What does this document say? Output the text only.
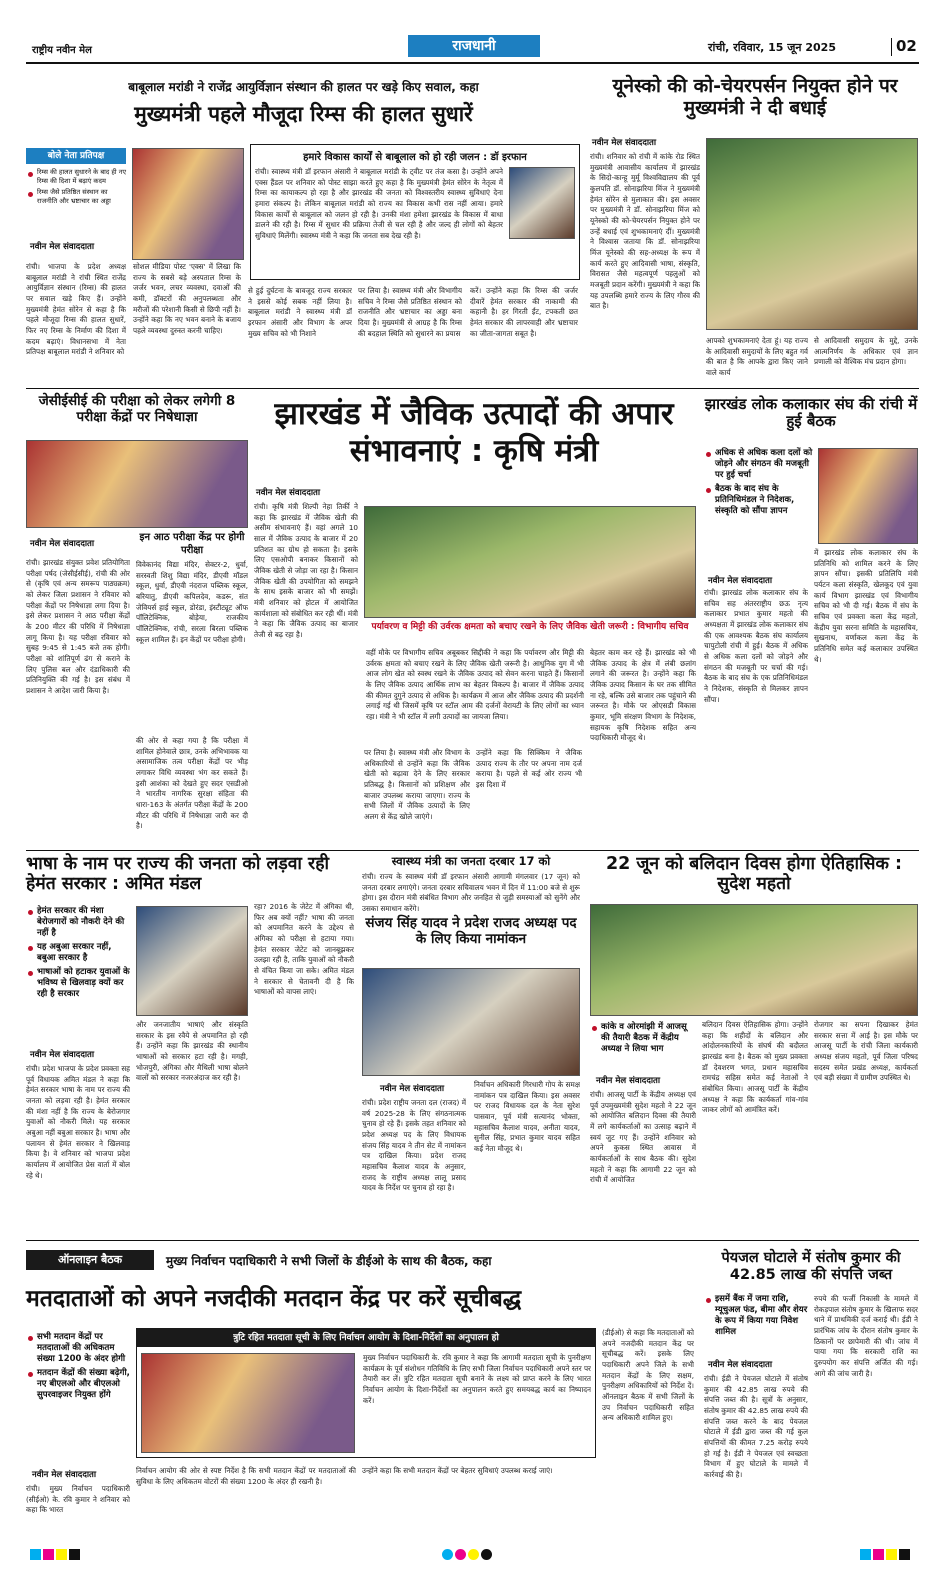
राष्ट्रीय नवीन मेल	राजधानी	रांची, रविवार, 15 जून 2025	02
बाबूलाल मरांडी ने राजेंद्र आयुर्विज्ञान संस्थान की हालत पर खड़े किए सवाल, कहा
मुख्यमंत्री पहले मौजूदा रिम्स की हालत सुधारें
बोले नेता प्रतिपक्ष
रिम्स की हालत सुधारने के बाद ही नए रिम्स की दिशा में बढ़ाएं कदम
रिम्स जैसे प्रतिष्ठित संस्थान का राजनीति और भ्रष्टाचार का अड्डा
नवीन मेल संवाददाता
रांची। भाजपा के प्रदेश अध्यक्ष बाबूलाल मरांडी ने रांची स्थित राजेंद्र आयुर्विज्ञान संस्थान (रिम्स) की हालत पर सवाल खड़े किए हैं। उन्होंने मुख्यमंत्री हेमंत सोरेन से कहा है कि पहले मौजूदा रिम्स की हालत सुधारें, फिर नए रिम्स के निर्माण की दिशा में कदम बढ़ाएं। विधानसभा में नेता प्रतिपक्ष बाबूलाल मरांडी ने शनिवार को
सोशल मीडिया पोस्ट 'एक्स' में लिखा कि राज्य के सबसे बड़े अस्पताल रिम्स के जर्जर भवन, लचर व्यवस्था, दवाओं की कमी, डॉक्टरों की अनुपलब्धता और मरीजों की परेशानी किसी से छिपी नहीं है। उन्होंने कहा कि नए भवन बनाने के बजाय पहले व्यवस्था दुरुस्त करनी चाहिए।
से हुई दुर्घटना के बावजूद राज्य सरकार ने इससे कोई सबक नहीं लिया है। बाबूलाल मरांडी ने स्वास्थ्य मंत्री डॉ इरफान अंसारी और विभाग के अपर मुख्य सचिव को भी निशाने
पर लिया है। स्वास्थ्य मंत्री और विभागीय सचिव ने रिम्स जैसे प्रतिष्ठित संस्थान को राजनीति और भ्रष्टाचार का अड्डा बना दिया है। मुख्यमंत्री से आग्रह है कि रिम्स की बदहाल स्थिति को सुधारने का प्रयास
करें। उन्होंने कहा कि रिम्स की जर्जर दीवारें हेमंत सरकार की नाकामी की कहानी है। हर गिरती ईंट, टपकती छत हेमंत सरकार की लापरवाही और भ्रष्टाचार का जीता-जागता सबूत है।
हमारे विकास कार्यों से बाबूलाल को हो रही जलन : डॉ इरफान
रांची। स्वास्थ्य मंत्री डॉ इरफान अंसारी ने बाबूलाल मरांडी के ट्वीट पर तंज कसा है। उन्होंने अपने एक्स हैंडल पर शनिवार को पोस्ट साझा करते हुए कहा है कि मुख्यमंत्री हेमंत सोरेन के नेतृत्व में रिम्स का कायाकल्प हो रहा है और झारखंड की जनता को विश्वस्तरीय स्वास्थ्य सुविधाएं देना हमारा संकल्प है। लेकिन बाबूलाल मरांडी को राज्य का विकास कभी रास नहीं आया। हमारे विकास कार्यों से बाबूलाल को जलन हो रही है। उनकी मंशा हमेशा झारखंड के विकास में बाधा डालने की रही है। रिम्स में सुधार की प्रक्रिया तेजी से चल रही है और जल्द ही लोगों को बेहतर सुविधाएं मिलेंगी। स्वास्थ्य मंत्री ने कहा कि जनता सब देख रही है।
यूनेस्को की को-चेयरपर्सन नियुक्त होने पर मुख्यमंत्री ने दी बधाई
नवीन मेल संवाददाता
रांची। शनिवार को रांची में कांके रोड स्थित मुख्यमंत्री आवासीय कार्यालय में झारखंड के सिदो-कान्हू मुर्मू विश्वविद्यालय की पूर्व कुलपति डॉ. सोनाझरिया मिंज ने मुख्यमंत्री हेमंत सोरेन से मुलाकात की। इस अवसर पर मुख्यमंत्री ने डॉ. सोनाझरिया मिंज को यूनेस्को की को-चेयरपर्सन नियुक्त होने पर उन्हें बधाई एवं शुभकामनाएं दीं। मुख्यमंत्री ने विश्वास जताया कि डॉ. सोनाझरिया मिंज यूनेस्को की सह-अध्यक्ष के रूप में कार्य करते हुए आदिवासी भाषा, संस्कृति, विरासत जैसे महत्वपूर्ण पहलुओं को मजबूती प्रदान करेंगी। मुख्यमंत्री ने कहा कि यह उपलब्धि हमारे राज्य के लिए गौरव की बात है।
आपको शुभकामनाएं देता हूं। यह राज्य के आदिवासी समुदायों के लिए बहुत गर्व की बात है कि आपके द्वारा किए जाने वाले कार्य
से आदिवासी समुदाय के मुद्दे, उनके आत्मनिर्णय के अधिकार एवं ज्ञान प्रणाली को वैश्विक मंच प्रदान होगा।
जेसीईसीई की परीक्षा को लेकर लगेगी 8 परीक्षा केंद्रों पर निषेधाज्ञा
नवीन मेल संवाददाता
इन आठ परीक्षा केंद्र पर होगी परीक्षा
रांची। झारखंड संयुक्त प्रवेश प्रतियोगिता परीक्षा पर्षद (जेसीईसीई), रांची की ओर से (कृषि एवं अन्य समरूप पाठ्यक्रम) को लेकर जिला प्रशासन ने रविवार को परीक्षा केंद्रों पर निषेधाज्ञा लगा दिया है। इसे लेकर प्रशासन ने आठ परीक्षा केंद्रों के 200 मीटर की परिधि में निषेधाज्ञा लागू किया है। यह परीक्षा रविवार को सुबह 9:45 से 1:45 बजे तक होगी। परीक्षा को शांतिपूर्ण ढंग से कराने के लिए पुलिस बल और दंडाधिकारी की प्रतिनियुक्ति की गई है। इस संबंध में प्रशासन ने आदेश जारी किया है।
विवेकानंद विद्या मंदिर, सेक्टर-2, धुर्वा, सरस्वती शिशु विद्या मंदिर, डीएवी मॉडल स्कूल, धुर्वा, डीएवी नंदराज पब्लिक स्कूल, बरियातु, डीएवी कपिलदेव, कडरू, संत जेवियर्स हाई स्कूल, डोरंडा, इंस्टीट्यूट ऑफ पॉलिटेक्निक, बोड़ेया, राजकीय पॉलिटेक्निक, रांची, सरला बिरला पब्लिक स्कूल शामिल हैं। इन केंद्रों पर परीक्षा होगी।
की ओर से कहा गया है कि परीक्षा में शामिल होनेवाले छात्र, उनके अभिभावक या असामाजिक तत्व परीक्षा केंद्रों पर भीड़ लगाकर विधि व्यवस्था भंग कर सकते हैं। इसी आशंका को देखते हुए सदर एसडीओ ने भारतीय नागरिक सुरक्षा संहिता की धारा-163 के अंतर्गत परीक्षा केंद्रों के 200 मीटर की परिधि में निषेधाज्ञा जारी कर दी है।
झारखंड में जैविक उत्पादों की अपार संभावनाएं : कृषि मंत्री
नवीन मेल संवाददाता
रांची। कृषि मंत्री शिल्पी नेहा तिर्की ने कहा कि झारखंड में जैविक खेती की असीम संभावनाएं हैं। वहां अगले 10 साल में जैविक उत्पाद के बाजार में 20 प्रतिशत का ग्रोथ हो सकता है। इसके लिए एसओपी बनाकर किसानों को जैविक खेती से जोड़ा जा रहा है। किसान जैविक खेती की उपयोगिता को समझने के साथ इसके बाजार को भी समझें। मंत्री शनिवार को होटल में आयोजित कार्यशाला को संबोधित कर रही थीं। मंत्री ने कहा कि जैविक उत्पाद का बाजार तेजी से बढ़ रहा है।
पर्यावरण व मिट्टी की उर्वरक क्षमता को बचाए रखने के लिए जैविक खेती जरूरी : विभागीय सचिव
वहीं मौके पर विभागीय सचिव अबूबकर सिद्दीकी ने कहा कि पर्यावरण और मिट्टी की उर्वरक क्षमता को बचाए रखने के लिए जैविक खेती जरूरी है। आधुनिक युग में भी आज लोग खेत को स्वस्थ रखने के जैविक उत्पाद को सेवन करना चाहते हैं। किसानों के लिए जैविक उत्पाद आर्थिक लाभ का बेहतर विकल्प है। बाजार में जैविक उत्पाद की कीमत दुगुने उत्पाद से अधिक है। कार्यक्रम में आज और जैविक उत्पाद की प्रदर्शनी लगाई गई थी जिसमें कृषि पर स्टॉल आम की दर्जनों वेरायटी के लिए लोगों का ध्यान रहा। मंत्री ने भी स्टॉल में लगी उत्पादों का जायजा लिया।
पर लिया है। स्वास्थ्य मंत्री और विभाग के अधिकारियों से उन्होंने कहा कि जैविक खेती को बढ़ावा देने के लिए सरकार प्रतिबद्ध है। किसानों को प्रशिक्षण और बाजार उपलब्ध कराया जाएगा। राज्य के सभी जिलों में जैविक उत्पादों के लिए अलग से केंद्र खोले जाएंगे।
उन्होंने कहा कि सिक्किम ने जैविक उत्पाद राज्य के तौर पर अपना नाम दर्ज कराया है। पहले से कई ओर राज्य भी इस दिशा में
बेहतर काम कर रहे हैं। झारखंड को भी जैविक उत्पाद के क्षेत्र में लंबी छलांग लगाने की जरूरत है। उन्होंने कहा कि जैविक उत्पाद किसान के घर तक सीमित ना रहे, बल्कि उसे बाजार तक पहुंचाने की जरूरत है। मौके पर ओएसडी विकास कुमार, भूमि संरक्षण विभाग के निदेशक, सहायक कृषि निदेशक सहित अन्य पदाधिकारी मौजूद थे।
झारखंड लोक कलाकार संघ की रांची में हुई बैठक
अधिक से अधिक कला दलों को जोड़ने और संगठन की मजबूती पर हुई चर्चा
बैठक के बाद संघ के प्रतिनिधिमंडल ने निदेशक, संस्कृति को सौंपा ज्ञापन
नवीन मेल संवाददाता
रांची। झारखंड लोक कलाकार संघ के सचिव सह अंतरराष्ट्रीय छऊ नृत्य कलाकार प्रभात कुमार महतो की अध्यक्षता में झारखंड लोक कलाकार संघ की एक आवश्यक बैठक संघ कार्यालय चापुटोली रांची में हुई। बैठक में अधिक से अधिक कला दलों को जोड़ने और संगठन की मजबूती पर चर्चा की गई। बैठक के बाद संघ के एक प्रतिनिधिमंडल ने निदेशक, संस्कृति से मिलकर ज्ञापन सौंपा।
में झारखंड लोक कलाकार संघ के प्रतिनिधि को शामिल करने के लिए ज्ञापन सौंपा। इसकी प्रतिलिपि मंत्री पर्यटन कला संस्कृति, खेलकूद एवं युवा कार्य विभाग झारखंड एवं विभागीय सचिव को भी दी गई। बैठक में संघ के सचिव एवं प्रवक्ता कला केंद्र महतो, केंद्रीय युवा सरना समिति के महासचिव, सुखनाथ, वर्णाकल कला केंद्र के प्रतिनिधि समेत कई कलाकार उपस्थित थे।
भाषा के नाम पर राज्य की जनता को लड़वा रही हेमंत सरकार : अमित मंडल
हेमंत सरकार की मंशा बेरोजगारों को नौकरी देने की नहीं है
यह अबुआ सरकार नहीं, बबुआ सरकार है
भाषाओं को हटाकर युवाओं के भविष्य से खिलवाड़ क्यों कर रही है सरकार
नवीन मेल संवाददाता
रांची। प्रदेश भाजपा के प्रदेश प्रवक्ता सह पूर्व विधायक अमित मंडल ने कहा कि हेमंत सरकार भाषा के नाम पर राज्य की जनता को लड़वा रही है। हेमंत सरकार की मंशा नहीं है कि राज्य के बेरोजगार युवाओं को नौकरी मिले। यह सरकार अबुआ नहीं बबुआ सरकार है। भाषा और पलायन से हेमंत सरकार ने खिलवाड़ किया है। वे शनिवार को भाजपा प्रदेश कार्यालय में आयोजित प्रेस वार्ता में बोल रहे थे।
और जनजातीय भाषाएं और संस्कृति सरकार के इस रवैये से अपमानित हो रही हैं। उन्होंने कहा कि झारखंड की स्थानीय भाषाओं को सरकार हटा रही है। मगही, भोजपुरी, अंगिका और मैथिली भाषा बोलने वालों को सरकार नजरअंदाज कर रही है।
रहा? 2016 के जेटेट में अंगिका थी, फिर अब क्यों नहीं? भाषा की जनता को अपमानित करने के उद्देश्य से अंगिका को परीक्षा से हटाया गया। हेमंत सरकार जेटेट को जानबूझकर उलझा रही है, ताकि युवाओं को नौकरी से वंचित किया जा सके। अमित मंडल ने सरकार से चेतावनी दी है कि भाषाओं को वापस लाएं।
स्वास्थ्य मंत्री का जनता दरबार 17 को
रांची। राज्य के स्वास्थ्य मंत्री डॉ इरफान अंसारी आगामी मंगलवार (17 जून) को जनता दरबार लगाएंगे। जनता दरबार सचिवालय भवन में दिन में 11:00 बजे से शुरू होगा। इस दौरान मंत्री संबंधित विभाग और जनहित से जुड़ी समस्याओं को सुनेंगे और उसका समाधान करेंगे।
संजय सिंह यादव ने प्रदेश राजद अध्यक्ष पद के लिए किया नामांकन
नवीन मेल संवाददाता
रांची। प्रदेश राष्ट्रीय जनता दल (राजद) में वर्ष 2025-28 के लिए संगठनात्मक चुनाव हो रहे हैं। इसके तहत शनिवार को प्रदेश अध्यक्ष पद के लिए विधायक संजय सिंह यादव ने तीन सेट में नामांकन पत्र दाखिल किया। प्रदेश राजद महासचिव कैलाश यादव के अनुसार, राजद के राष्ट्रीय अध्यक्ष लालू प्रसाद यादव के निर्देश पर चुनाव हो रहा है।
निर्वाचन अधिकारी गिरधारी गोप के समक्ष नामांकन पत्र दाखिल किया। इस अवसर पर राजद विधायक दल के नेता सुरेश पासवान, पूर्व मंत्री सत्यानंद भोक्ता, महासचिव कैलाश यादव, अनीता यादव, सुनील सिंह, प्रभात कुमार यादव सहित कई नेता मौजूद थे।
22 जून को बलिदान दिवस होगा ऐतिहासिक : सुदेश महतो
कांके व ओरमांझी में आजसू की तैयारी बैठक में केंद्रीय अध्यक्ष ने लिया भाग
नवीन मेल संवाददाता
रांची। आजसू पार्टी के केंद्रीय अध्यक्ष एवं पूर्व उपमुख्यमंत्री सुदेश महतो ने 22 जून को आयोजित बलिदान दिवस की तैयारी में लगे कार्यकर्ताओं का उत्साह बढ़ाने में स्वयं जुट गए हैं। उन्होंने शनिवार को अपने कुकस स्थित आवास में कार्यकर्ताओं के साथ बैठक की। सुदेश महतो ने कहा कि आगामी 22 जून को रांची में आयोजित
बलिदान दिवस ऐतिहासिक होगा। उन्होंने कहा कि शहीदों के बलिदान और आंदोलनकारियों के संघर्ष की बदौलत झारखंड बना है। बैठक को मुख्य प्रवक्ता डॉ देवशरण भगत, प्रधान महासचिव रामचंद्र सहिस समेत कई नेताओं ने संबोधित किया। आजसू पार्टी के केंद्रीय अध्यक्ष ने कहा कि कार्यकर्ता गांव-गांव जाकर लोगों को आमंत्रित करें।
रोजगार का सपना दिखाकर हेमंत सरकार सत्ता में आई है। इस मौके पर आजसू पार्टी के रांची जिला कार्यकारी अध्यक्ष संजय महतो, पूर्व जिला परिषद सदस्य समेत प्रखंड अध्यक्ष, कार्यकर्ता एवं बड़ी संख्या में ग्रामीण उपस्थित थे।
ऑनलाइन बैठक	मुख्य निर्वाचन पदाधिकारी ने सभी जिलों के डीईओ के साथ की बैठक, कहा
मतदाताओं को अपने नजदीकी मतदान केंद्र पर करें सूचीबद्ध
सभी मतदान केंद्रों पर मतदाताओं की अधिकतम संख्या 1200 के अंदर होगी
मतदान केंद्रों की संख्या बढ़ेगी, नए बीएलओ और बीएलओ सुपरवाइजर नियुक्त होंगे
नवीन मेल संवाददाता
रांची। मुख्य निर्वाचन पदाधिकारी (सीईओ) के. रवि कुमार ने शनिवार को कहा कि भारत
त्रुटि रहित मतदाता सूची के लिए निर्वाचन आयोग के दिशा-निर्देशों का अनुपालन हो
मुख्य निर्वाचन पदाधिकारी के. रवि कुमार ने कहा कि आगामी मतदाता सूची के पुनरीक्षण कार्यक्रम के पूर्व संशोधन गतिविधि के लिए सभी जिला निर्वाचन पदाधिकारी अपने स्तर पर तैयारी कर लें। त्रुटि रहित मतदाता सूची बनाने के लक्ष्य को प्राप्त करने के लिए भारत निर्वाचन आयोग के दिशा-निर्देशों का अनुपालन करते हुए समयबद्ध कार्य का निष्पादन करें।
निर्वाचन आयोग की ओर से स्पष्ट निर्देश है कि सभी मतदान केंद्रों पर मतदाताओं की सुविधा के लिए अधिकतम वोटरों की संख्या 1200 के अंदर ही रखनी है।
उन्होंने कहा कि सभी मतदान केंद्रों पर बेहतर सुविधाएं उपलब्ध कराई जाएं।
(डीईओ) से कहा कि मतदाताओं को अपने नजदीकी मतदान केंद्र पर सूचीबद्ध करें। इसके लिए पदाधिकारी अपने जिले के सभी मतदान केंद्रों के लिए सक्षम, पुनरीक्षण अधिकारियों को निर्देश दें। ऑनलाइन बैठक में सभी जिलों के उप निर्वाचन पदाधिकारी सहित अन्य अधिकारी शामिल हुए।
पेयजल घोटाले में संतोष कुमार की 42.85 लाख की संपत्ति जब्त
इसमें बैंक में जमा राशि, म्यूचुअल फंड, बीमा और शेयर के रूप में किया गया निवेश शामिल
नवीन मेल संवाददाता
रांची। ईडी ने पेयजल घोटाले में संतोष कुमार की 42.85 लाख रुपये की संपत्ति जब्त की है। सूत्रों के अनुसार, संतोष कुमार की 42.85 लाख रुपये की संपत्ति जब्त करने के बाद पेयजल घोटाले में ईडी द्वारा जब्त की गई कुल संपत्तियों की कीमत 7.25 करोड़ रुपये हो गई है। ईडी ने पेयजल एवं स्वच्छता विभाग में हुए घोटाले के मामले में कार्रवाई की है।
रुपये की फर्जी निकासी के मामले में रोकड़पाल संतोष कुमार के खिलाफ सदर थाने में प्राथमिकी दर्ज कराई थी। ईडी ने प्रारंभिक जांच के दौरान संतोष कुमार के ठिकानों पर छापेमारी की थी। जांच में पाया गया कि सरकारी राशि का दुरुपयोग कर संपत्ति अर्जित की गई। आगे की जांच जारी है।
